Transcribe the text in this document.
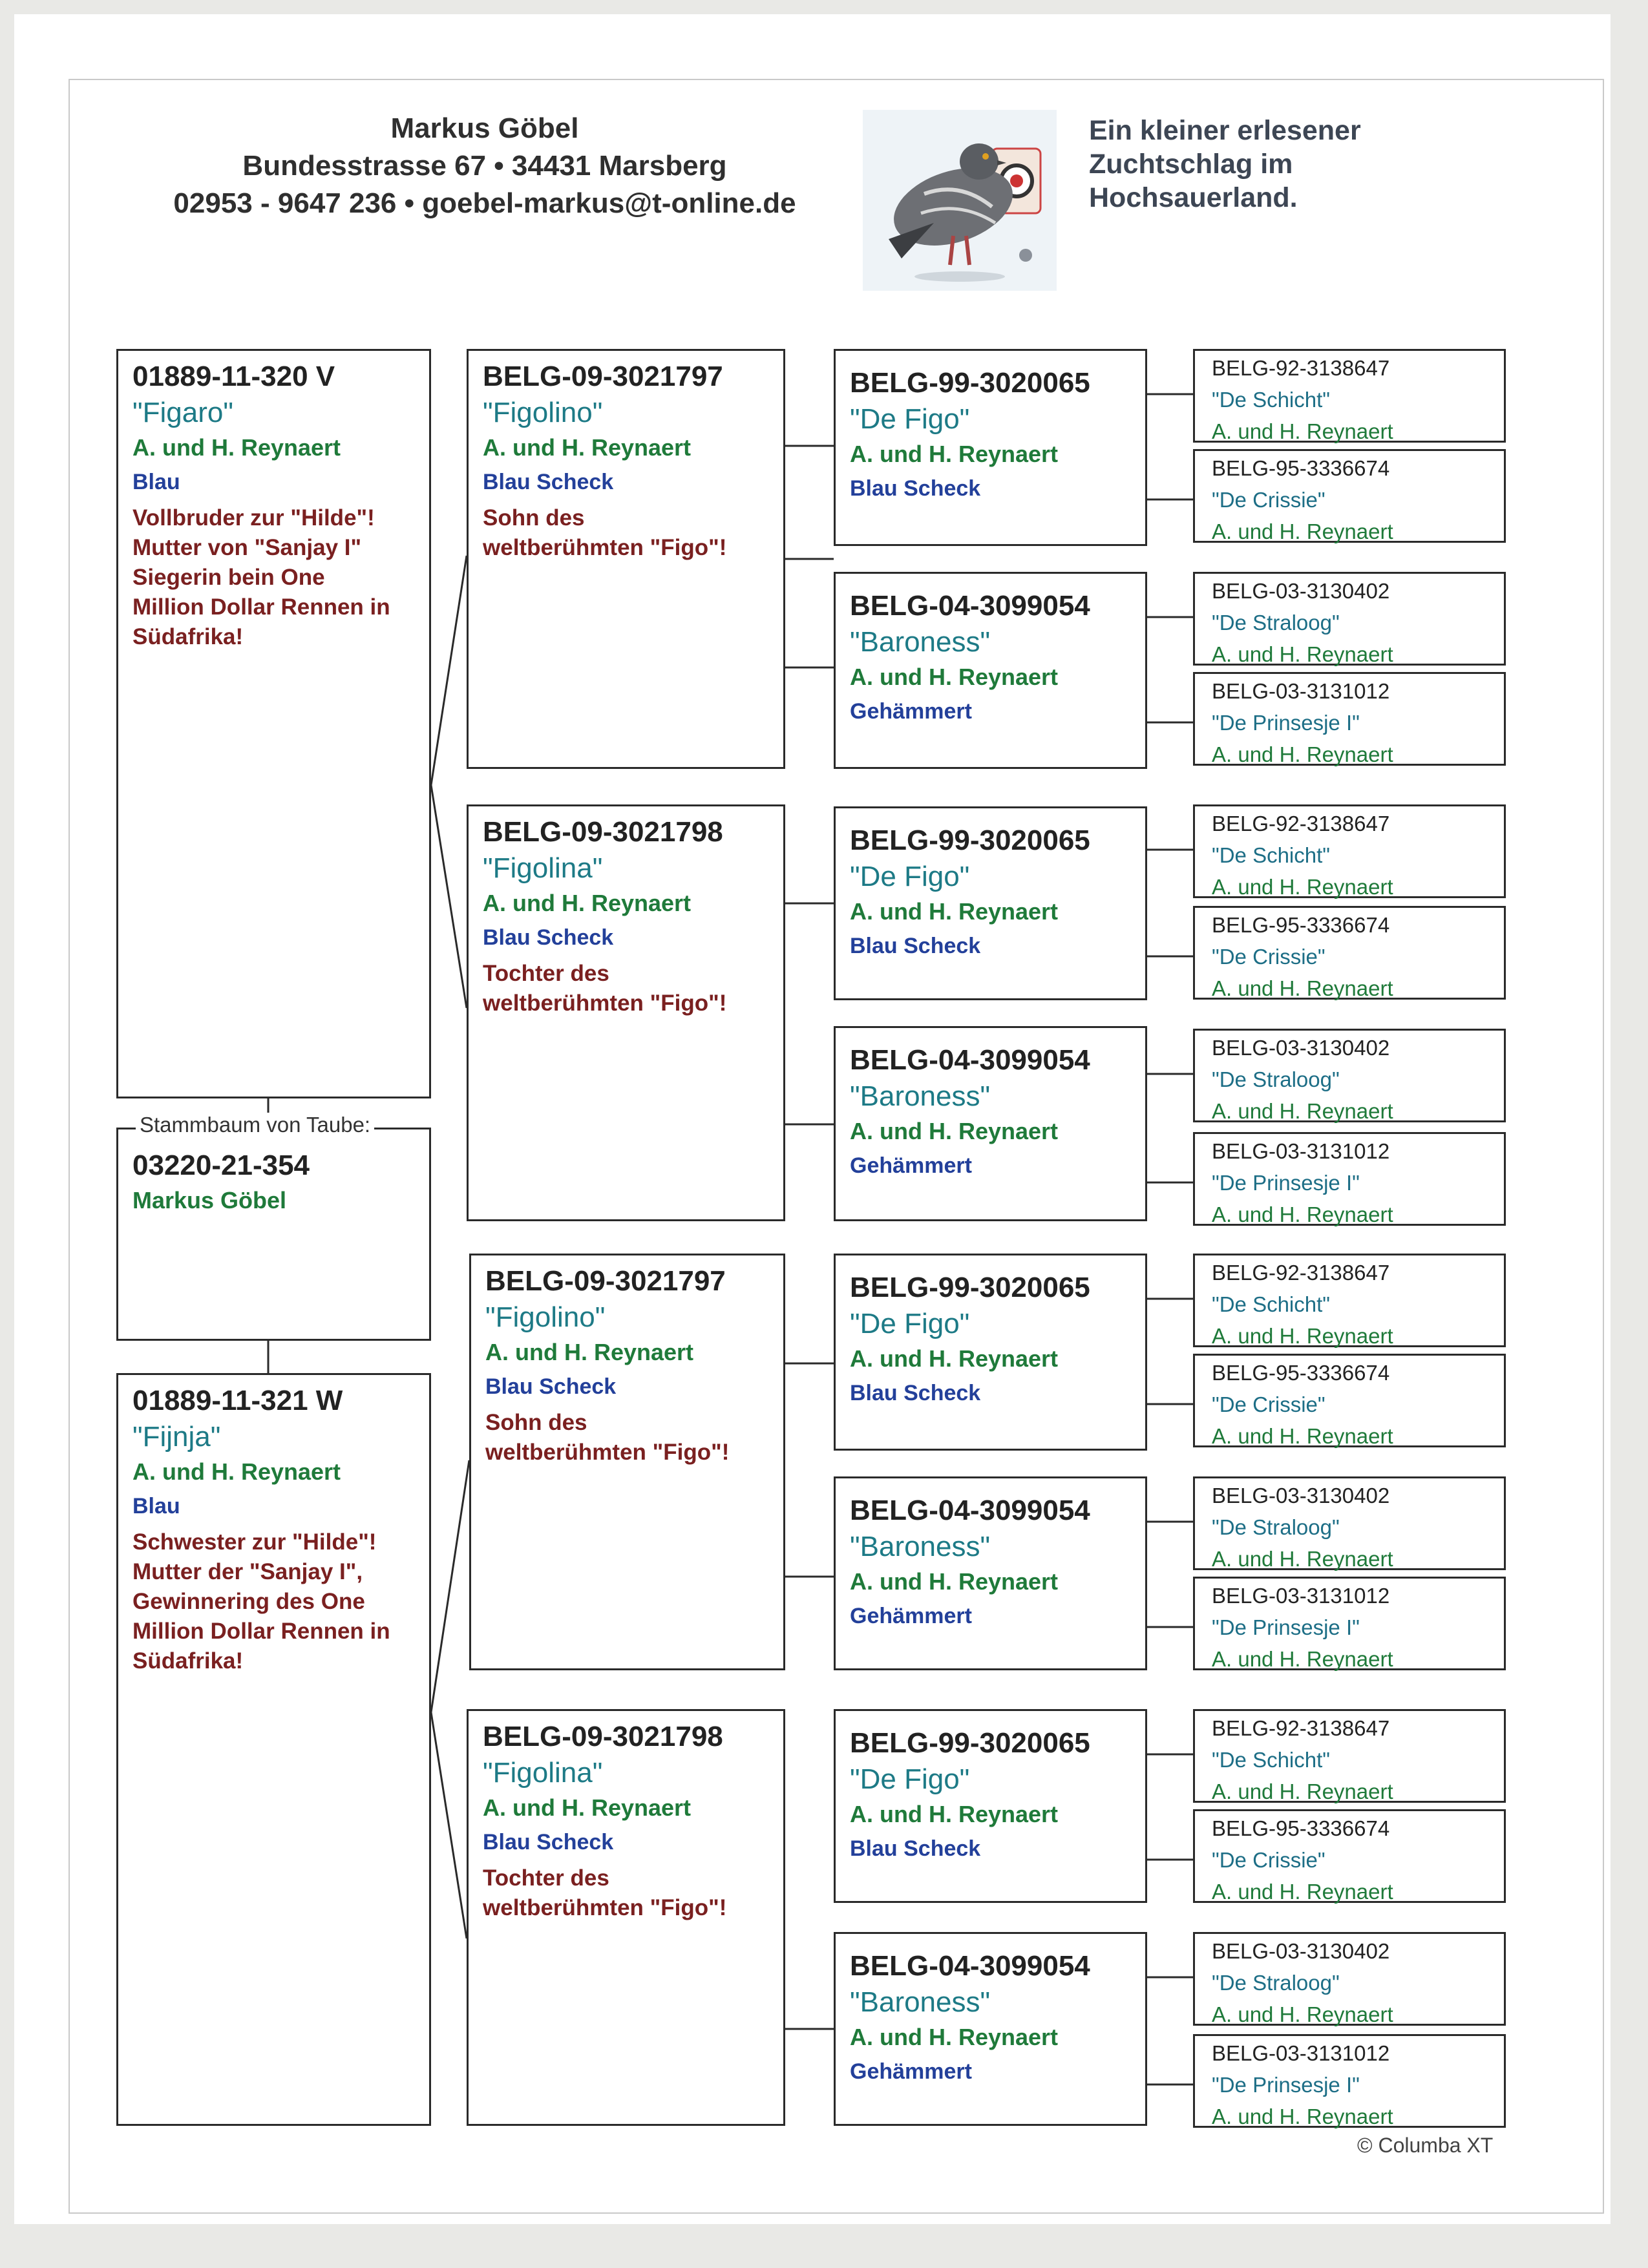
Markus Göbel
Bundesstrasse 67 • 34431 Marsberg
02953 - 9647 236 • goebel-markus@t-online.de
Ein kleiner erlesener
Zuchtschlag im
Hochsauerland.
01889-11-320 V
"Figaro"
A. und H. Reynaert
Blau
Vollbruder zur "Hilde"!
Mutter von "Sanjay I"
Siegerin bein One
Million Dollar Rennen in
Südafrika!
03220-21-354
Markus Göbel
Stammbaum von Taube:
01889-11-321 W
"Fijnja"
A. und H. Reynaert
Blau
Schwester zur "Hilde"!
Mutter der "Sanjay I",
Gewinnering des One
Million Dollar Rennen in
Südafrika!
BELG-09-3021797
"Figolino"
A. und H. Reynaert
Blau Scheck
Sohn des
weltberühmten "Figo"!
BELG-09-3021798
"Figolina"
A. und H. Reynaert
Blau Scheck
Tochter des
weltberühmten "Figo"!
BELG-09-3021797
"Figolino"
A. und H. Reynaert
Blau Scheck
Sohn des
weltberühmten "Figo"!
BELG-09-3021798
"Figolina"
A. und H. Reynaert
Blau Scheck
Tochter des
weltberühmten "Figo"!
BELG-99-3020065
"De Figo"
A. und H. Reynaert
Blau Scheck
BELG-04-3099054
"Baroness"
A. und H. Reynaert
Gehämmert
BELG-99-3020065
"De Figo"
A. und H. Reynaert
Blau Scheck
BELG-04-3099054
"Baroness"
A. und H. Reynaert
Gehämmert
BELG-99-3020065
"De Figo"
A. und H. Reynaert
Blau Scheck
BELG-04-3099054
"Baroness"
A. und H. Reynaert
Gehämmert
BELG-99-3020065
"De Figo"
A. und H. Reynaert
Blau Scheck
BELG-04-3099054
"Baroness"
A. und H. Reynaert
Gehämmert
BELG-92-3138647
"De Schicht"
A. und H. Reynaert
BELG-95-3336674
"De Crissie"
A. und H. Reynaert
BELG-03-3130402
"De Straloog"
A. und H. Reynaert
BELG-03-3131012
"De Prinsesje I"
A. und H. Reynaert
BELG-92-3138647
"De Schicht"
A. und H. Reynaert
BELG-95-3336674
"De Crissie"
A. und H. Reynaert
BELG-03-3130402
"De Straloog"
A. und H. Reynaert
BELG-03-3131012
"De Prinsesje I"
A. und H. Reynaert
BELG-92-3138647
"De Schicht"
A. und H. Reynaert
BELG-95-3336674
"De Crissie"
A. und H. Reynaert
BELG-03-3130402
"De Straloog"
A. und H. Reynaert
BELG-03-3131012
"De Prinsesje I"
A. und H. Reynaert
BELG-92-3138647
"De Schicht"
A. und H. Reynaert
BELG-95-3336674
"De Crissie"
A. und H. Reynaert
BELG-03-3130402
"De Straloog"
A. und H. Reynaert
BELG-03-3131012
"De Prinsesje I"
A. und H. Reynaert
© Columba XT
